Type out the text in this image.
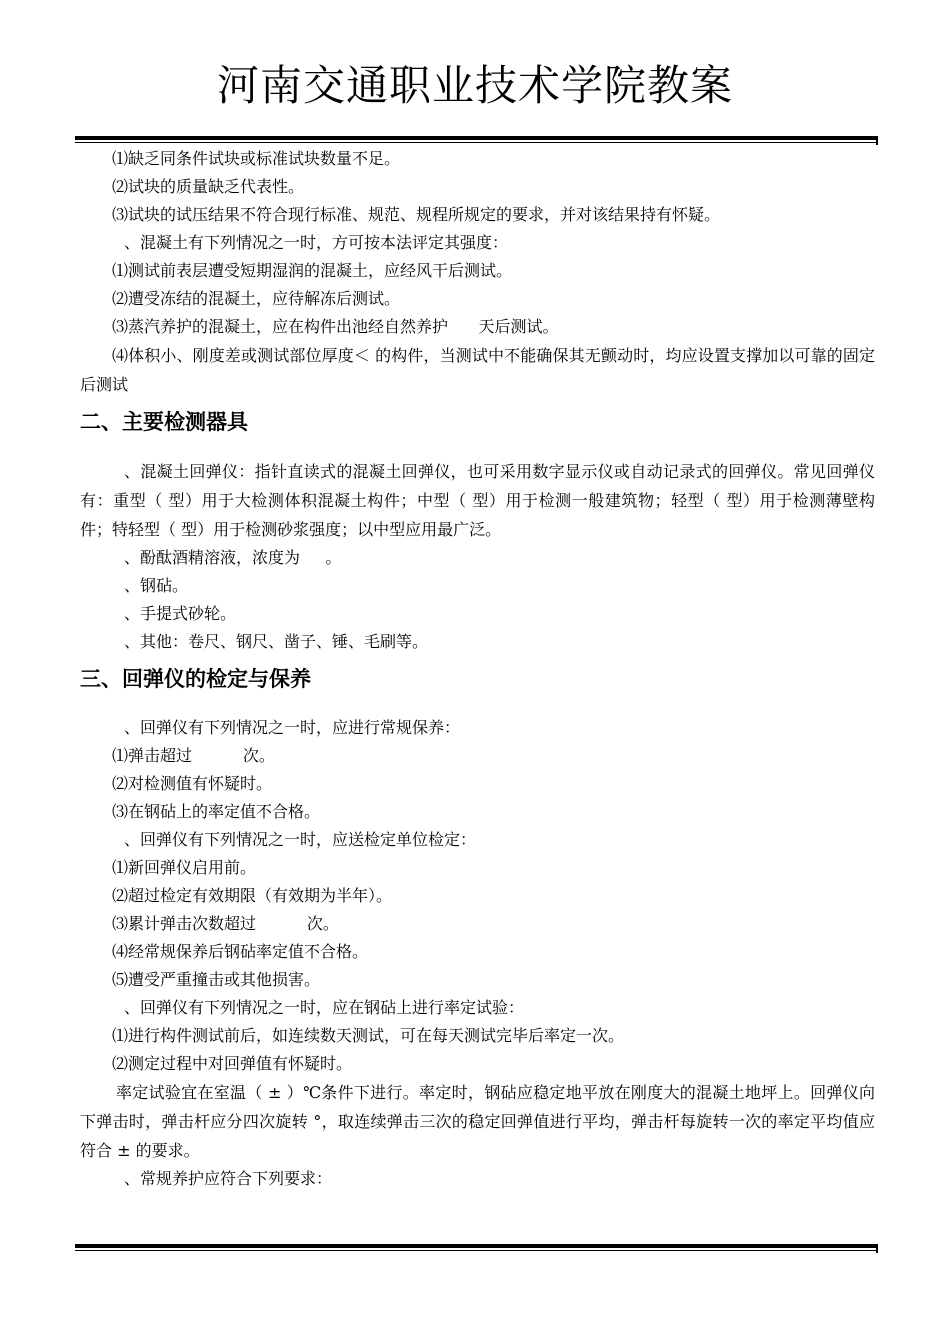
河南交通职业技术学院教案

⑴缺乏同条件试块或标准试块数量不足。

⑵试块的质量缺乏代表性。

⑶试块的试压结果不符合现行标准、规范、规程所规定的要求，并对该结果持有怀疑。

、混凝土有下列情况之一时，方可按本法评定其强度：

⑴测试前表层遭受短期湿润的混凝土，应经风干后测试。

⑵遭受冻结的混凝土，应待解冻后测试。

⑶蒸汽养护的混凝土，应在构件出池经自然养护      天后测试。

⑷体积小、刚度差或测试部位厚度＜ 的构件，当测试中不能确保其无颤动时，均应设置支撑加以可靠的固定后测试

二、主要检测器具

、混凝土回弹仪：指针直读式的混凝土回弹仪，也可采用数字显示仪或自动记录式的回弹仪。常见回弹仪有：重型（ 型）用于大检测体积混凝土构件；中型（ 型）用于检测一般建筑物；轻型（ 型）用于检测薄壁构件；特轻型（ 型）用于检测砂浆强度；以中型应用最广泛。

、酚酞酒精溶液，浓度为     。

、钢砧。

、手提式砂轮。

、其他：卷尺、钢尺、凿子、锤、毛刷等。

三、回弹仪的检定与保养

、回弹仪有下列情况之一时，应进行常规保养：

⑴弹击超过          次。

⑵对检测值有怀疑时。

⑶在钢砧上的率定值不合格。

、回弹仪有下列情况之一时，应送检定单位检定：

⑴新回弹仪启用前。

⑵超过检定有效期限（有效期为半年）。

⑶累计弹击次数超过          次。

⑷经常规保养后钢砧率定值不合格。

⑸遭受严重撞击或其他损害。

、回弹仪有下列情况之一时，应在钢砧上进行率定试验：

⑴进行构件测试前后，如连续数天测试，可在每天测试完毕后率定一次。

⑵测定过程中对回弹值有怀疑时。

率定试验宜在室温（ ± ）℃条件下进行。率定时，钢砧应稳定地平放在刚度大的混凝土地坪上。回弹仪向下弹击时，弹击杆应分四次旋转 °，取连续弹击三次的稳定回弹值进行平均，弹击杆每旋转一次的率定平均值应符合 ± 的要求。

、常规养护应符合下列要求：
